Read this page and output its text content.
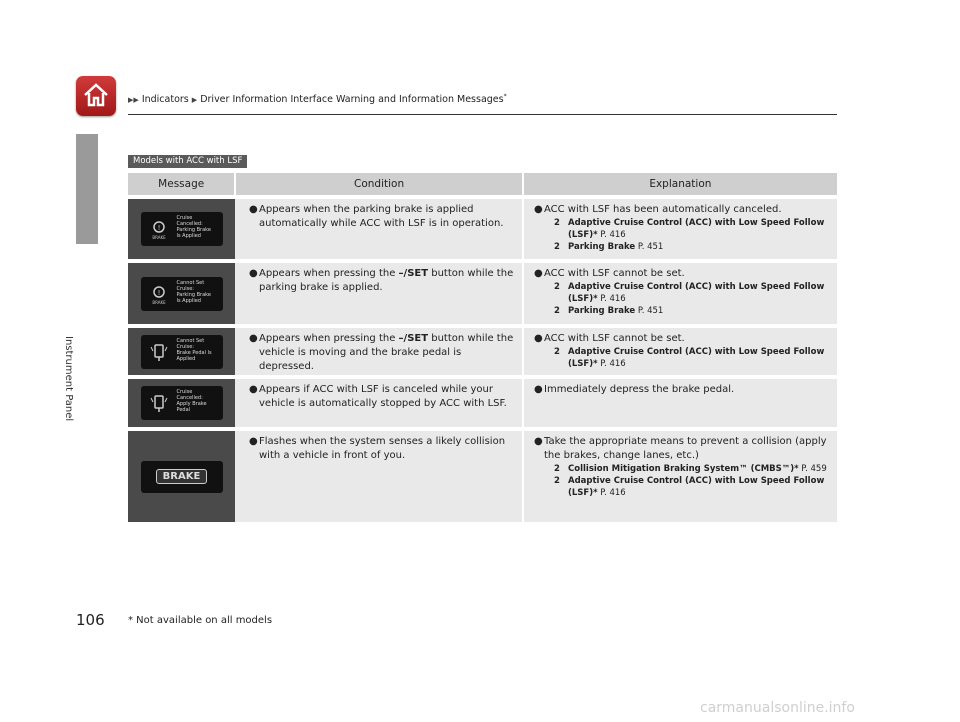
Instrument Panel
▶▶ Indicators ▶ Driver Information Interface Warning and Information Messages*
Models with ACC with LSF
Message	Condition	Explanation
!
BRAKE
Cruise
Cancelled:
Parking Brake
Is Applied
● Appears when the parking brake is applied automatically while ACC with LSF is in operation.
● ACC with LSF has been automatically canceled.
2 Adaptive Cruise Control (ACC) with Low Speed Follow (LSF)* P. 416
2 Parking Brake P. 451
!
BRAKE
Cannot Set
Cruise:
Parking Brake
Is Applied
● Appears when pressing the –/SET button while the parking brake is applied.
● ACC with LSF cannot be set.
2 Adaptive Cruise Control (ACC) with Low Speed Follow (LSF)* P. 416
2 Parking Brake P. 451
Cannot Set
Cruise:
Brake Pedal Is
Applied
● Appears when pressing the –/SET button while the vehicle is moving and the brake pedal is depressed.
● ACC with LSF cannot be set.
2 Adaptive Cruise Control (ACC) with Low Speed Follow (LSF)* P. 416
Cruise
Cancelled:
Apply Brake
Pedal
● Appears if ACC with LSF is canceled while your vehicle is automatically stopped by ACC with LSF.
● Immediately depress the brake pedal.
BRAKE
● Flashes when the system senses a likely collision with a vehicle in front of you.
● Take the appropriate means to prevent a collision (apply the brakes, change lanes, etc.)
2 Collision Mitigation Braking System™ (CMBS™)* P. 459
2 Adaptive Cruise Control (ACC) with Low Speed Follow (LSF)* P. 416
106 * Not available on all models
carmanualsonline.info
